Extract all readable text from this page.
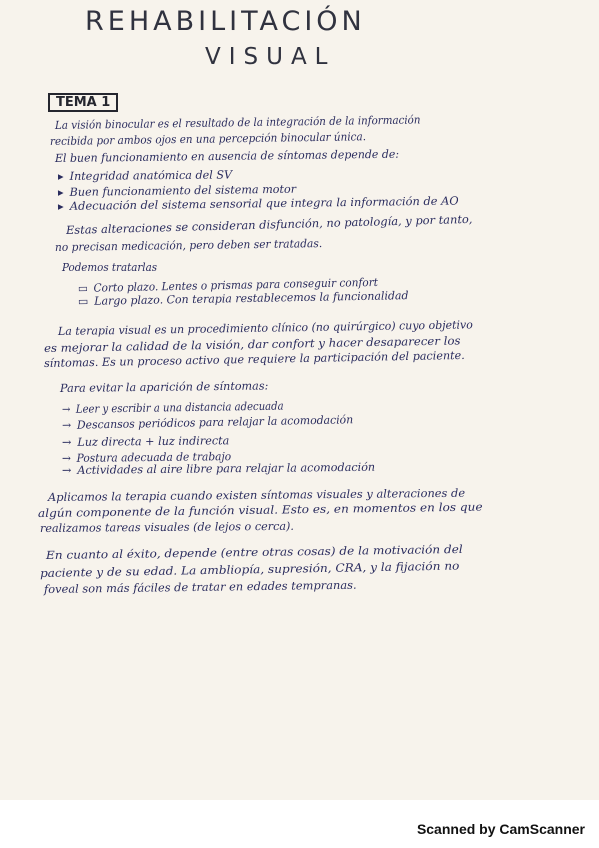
REHABILITACIÓN
VISUAL
TEMA 1
La visión binocular es el resultado de la integración de la información
recibida por ambos ojos en una percepción binocular única.
El buen funcionamiento en ausencia de síntomas depende de:
▸ Integridad anatómica del SV
▸ Buen funcionamiento del sistema motor
▸ Adecuación del sistema sensorial que integra la información de AO
Estas alteraciones se consideran disfunción, no patología, y por tanto,
no precisan medicación, pero deben ser tratadas.
Podemos tratarlas
▭ Corto plazo. Lentes o prismas para conseguir confort
▭ Largo plazo. Con terapia restablecemos la funcionalidad
La terapia visual es un procedimiento clínico (no quirúrgico) cuyo objetivo
es mejorar la calidad de la visión, dar confort y hacer desaparecer los
síntomas. Es un proceso activo que requiere la participación del paciente.
Para evitar la aparición de síntomas:
→ Leer y escribir a una distancia adecuada
→ Descansos periódicos para relajar la acomodación
→ Luz directa + luz indirecta
→ Postura adecuada de trabajo
→ Actividades al aire libre para relajar la acomodación
Aplicamos la terapia cuando existen síntomas visuales y alteraciones de
algún componente de la función visual. Esto es, en momentos en los que
realizamos tareas visuales (de lejos o cerca).
En cuanto al éxito, depende (entre otras cosas) de la motivación del
paciente y de su edad. La ambliopía, supresión, CRA, y la fijación no
foveal son más fáciles de tratar en edades tempranas.
Scanned by CamScanner
